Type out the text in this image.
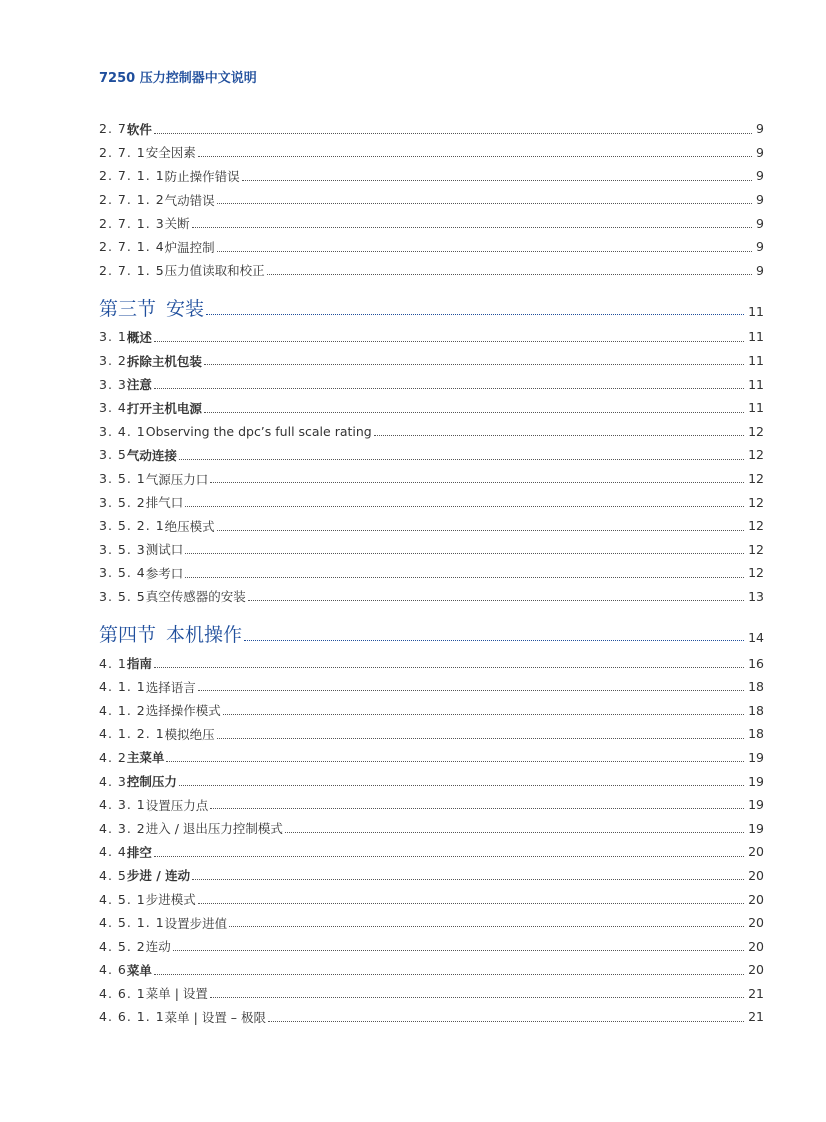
7250 压力控制器中文说明
2. 7 软件	9
2. 7. 1 安全因素	9
2. 7. 1. 1 防止操作错误	9
2. 7. 1. 2 气动错误	9
2. 7. 1. 3 关断	9
2. 7. 1. 4 炉温控制	9
2. 7. 1. 5 压力值读取和校正	9
第三节 安装	11
3. 1 概述	11
3. 2 拆除主机包装	11
3. 3 注意	11
3. 4 打开主机电源	11
3. 4. 1 Observing the dpc’s full scale rating	12
3. 5 气动连接	12
3. 5. 1 气源压力口	12
3. 5. 2 排气口	12
3. 5. 2. 1 绝压模式	12
3. 5. 3 测试口	12
3. 5. 4 参考口	12
3. 5. 5 真空传感器的安装	13
第四节 本机操作	14
4. 1 指南	16
4. 1. 1 选择语言	18
4. 1. 2 选择操作模式	18
4. 1. 2. 1 模拟绝压	18
4. 2 主菜单	19
4. 3 控制压力	19
4. 3. 1 设置压力点	19
4. 3. 2 进入 / 退出压力控制模式	19
4. 4 排空	20
4. 5 步进 / 连动	20
4. 5. 1 步进模式	20
4. 5. 1. 1 设置步进值	20
4. 5. 2 连动	20
4. 6 菜单	20
4. 6. 1 菜单 | 设置	21
4. 6. 1. 1 菜单 | 设置 – 极限	21
